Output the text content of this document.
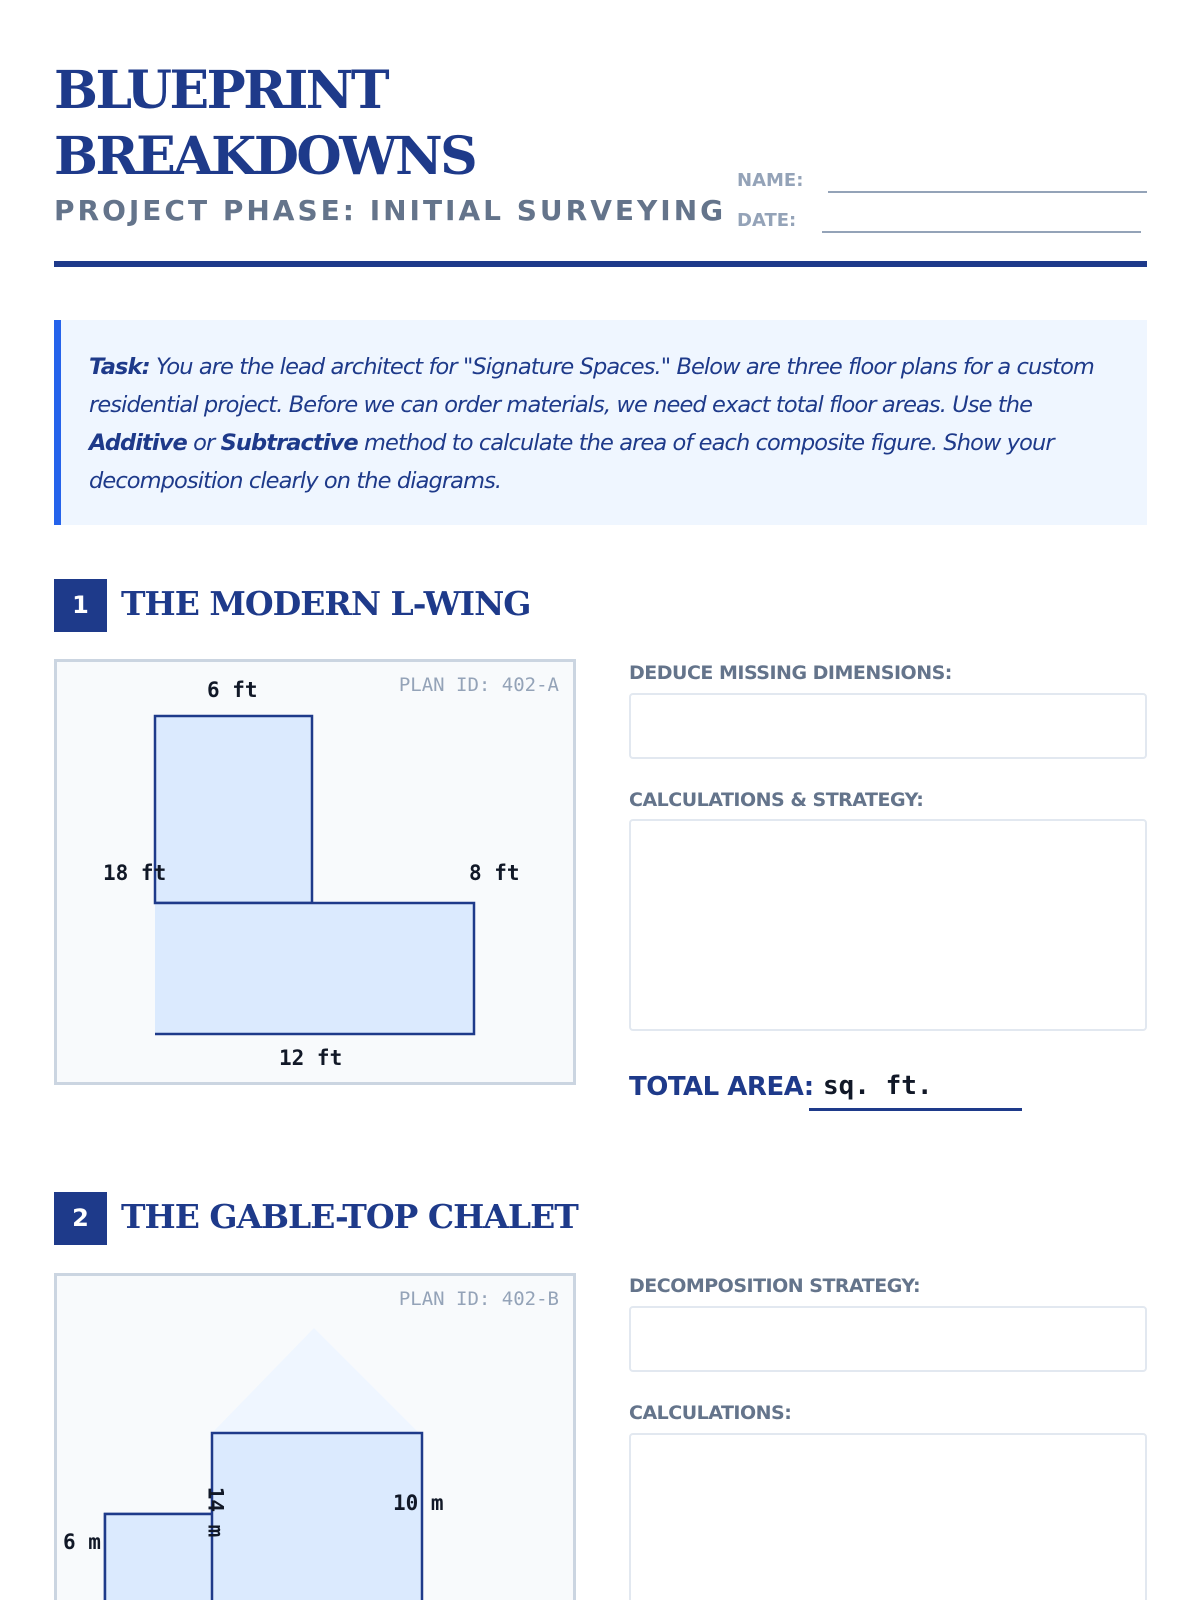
BLUEPRINT
BREAKDOWNS
PROJECT PHASE: INITIAL SURVEYING
NAME:
DATE:

Task: You are the lead architect for "Signature Spaces." Below are three floor plans for a custom residential project. Before we can order materials, we need exact total floor areas. Use the Additive or Subtractive method to calculate the area of each composite figure. Show your decomposition clearly on the diagrams.

1 THE MODERN L-WING
PLAN ID: 402-A
6 ft
18 ft	8 ft
12 ft
DEDUCE MISSING DIMENSIONS:
CALCULATIONS & STRATEGY:
TOTAL AREA: sq. ft.
2 THE GABLE-TOP CHALET
PLAN ID: 402-B
14 m	10 m
6 m
DECOMPOSITION STRATEGY:
CALCULATIONS:
